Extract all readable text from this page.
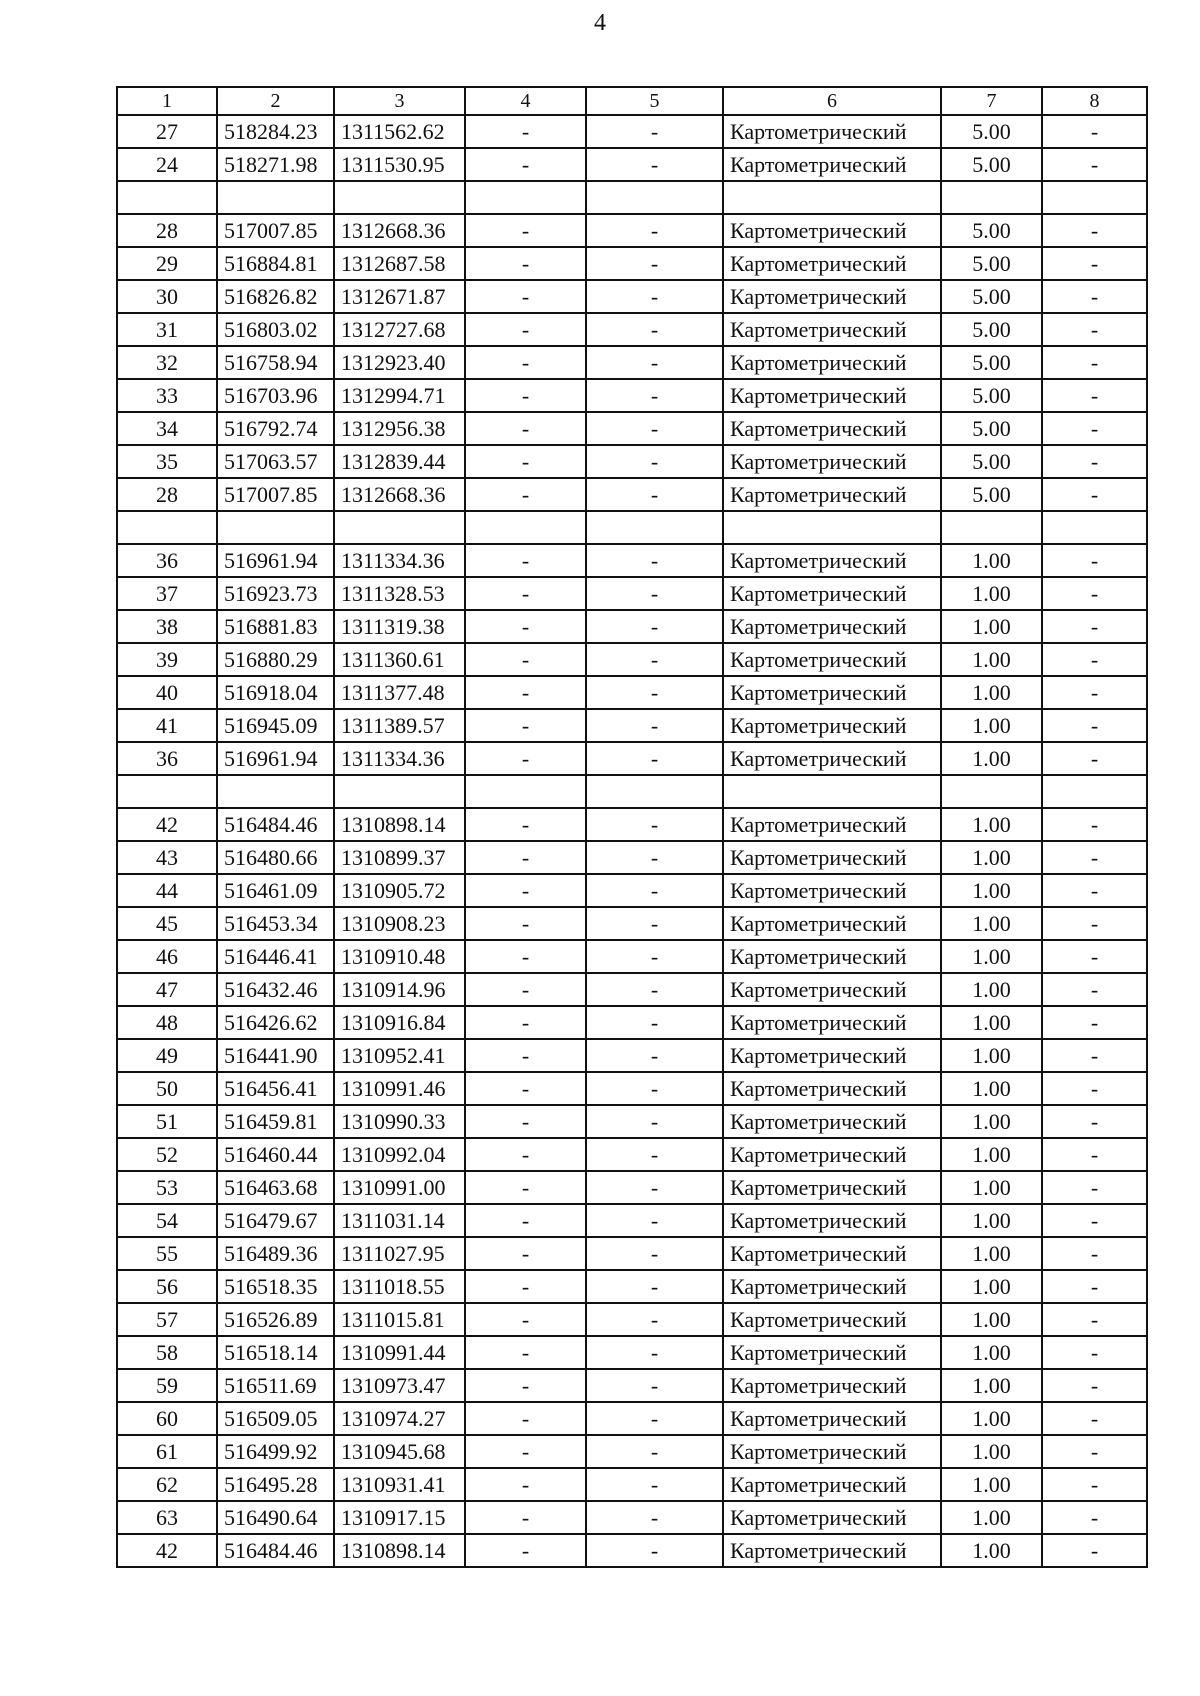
4
1	2	3	4	5	6	7	8
27	518284.23	1311562.62	-	-	Картометрический	5.00	-
24	518271.98	1311530.95	-	-	Картометрический	5.00	-

28	517007.85	1312668.36	-	-	Картометрический	5.00	-
29	516884.81	1312687.58	-	-	Картометрический	5.00	-
30	516826.82	1312671.87	-	-	Картометрический	5.00	-
31	516803.02	1312727.68	-	-	Картометрический	5.00	-
32	516758.94	1312923.40	-	-	Картометрический	5.00	-
33	516703.96	1312994.71	-	-	Картометрический	5.00	-
34	516792.74	1312956.38	-	-	Картометрический	5.00	-
35	517063.57	1312839.44	-	-	Картометрический	5.00	-
28	517007.85	1312668.36	-	-	Картометрический	5.00	-

36	516961.94	1311334.36	-	-	Картометрический	1.00	-
37	516923.73	1311328.53	-	-	Картометрический	1.00	-
38	516881.83	1311319.38	-	-	Картометрический	1.00	-
39	516880.29	1311360.61	-	-	Картометрический	1.00	-
40	516918.04	1311377.48	-	-	Картометрический	1.00	-
41	516945.09	1311389.57	-	-	Картометрический	1.00	-
36	516961.94	1311334.36	-	-	Картометрический	1.00	-

42	516484.46	1310898.14	-	-	Картометрический	1.00	-
43	516480.66	1310899.37	-	-	Картометрический	1.00	-
44	516461.09	1310905.72	-	-	Картометрический	1.00	-
45	516453.34	1310908.23	-	-	Картометрический	1.00	-
46	516446.41	1310910.48	-	-	Картометрический	1.00	-
47	516432.46	1310914.96	-	-	Картометрический	1.00	-
48	516426.62	1310916.84	-	-	Картометрический	1.00	-
49	516441.90	1310952.41	-	-	Картометрический	1.00	-
50	516456.41	1310991.46	-	-	Картометрический	1.00	-
51	516459.81	1310990.33	-	-	Картометрический	1.00	-
52	516460.44	1310992.04	-	-	Картометрический	1.00	-
53	516463.68	1310991.00	-	-	Картометрический	1.00	-
54	516479.67	1311031.14	-	-	Картометрический	1.00	-
55	516489.36	1311027.95	-	-	Картометрический	1.00	-
56	516518.35	1311018.55	-	-	Картометрический	1.00	-
57	516526.89	1311015.81	-	-	Картометрический	1.00	-
58	516518.14	1310991.44	-	-	Картометрический	1.00	-
59	516511.69	1310973.47	-	-	Картометрический	1.00	-
60	516509.05	1310974.27	-	-	Картометрический	1.00	-
61	516499.92	1310945.68	-	-	Картометрический	1.00	-
62	516495.28	1310931.41	-	-	Картометрический	1.00	-
63	516490.64	1310917.15	-	-	Картометрический	1.00	-
42	516484.46	1310898.14	-	-	Картометрический	1.00	-
